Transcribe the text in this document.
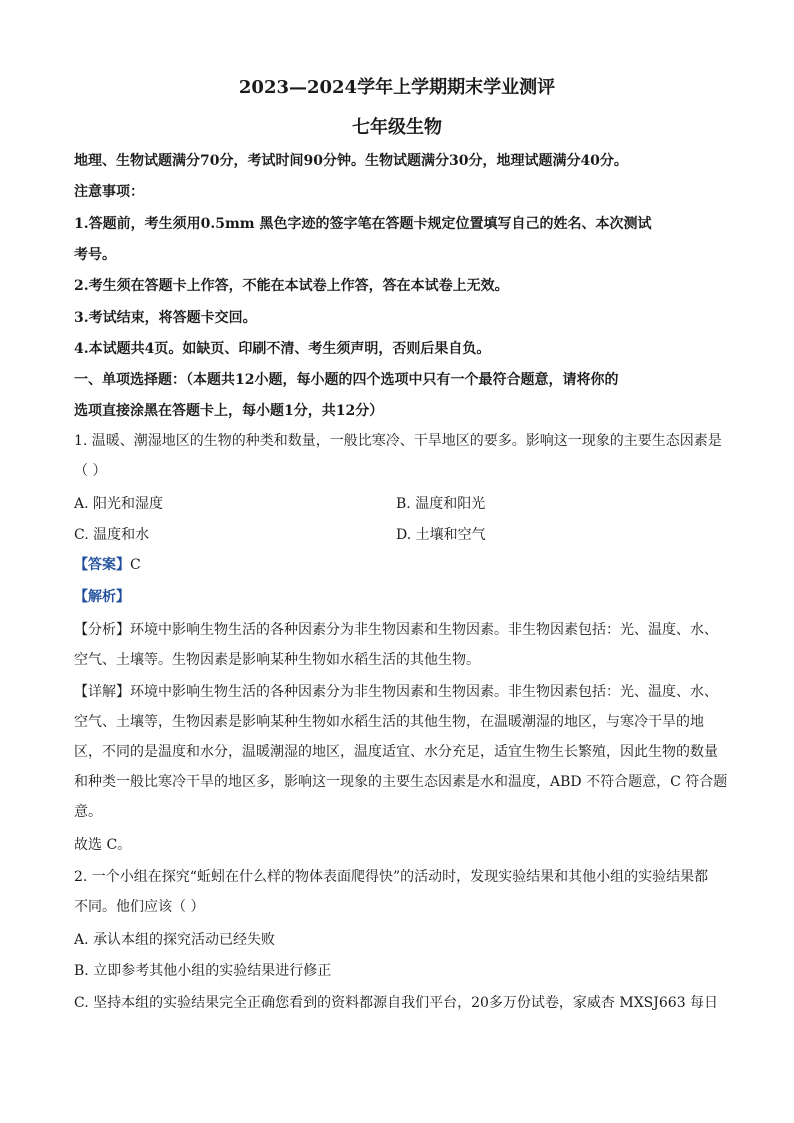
2023—2024学年上学期期末学业测评
七年级生物
地理、生物试题满分70分，考试时间90分钟。生物试题满分30分，地理试题满分40分。
注意事项：
1.答题前，考生须用0.5mm 黑色字迹的签字笔在答题卡规定位置填写自己的姓名、本次测试
考号。
2.考生须在答题卡上作答，不能在本试卷上作答，答在本试卷上无效。
3.考试结束，将答题卡交回。
4.本试题共4页。如缺页、印刷不清、考生须声明，否则后果自负。
一、单项选择题：（本题共12小题，每小题的四个选项中只有一个最符合题意，请将你的
选项直接涂黑在答题卡上，每小题1分，共12分）
1. 温暖、潮湿地区的生物的种类和数量，一般比寒冷、干旱地区的要多。影响这一现象的主要生态因素是
（ ）
A. 阳光和湿度	B. 温度和阳光
C. 温度和水	D. 土壤和空气
【答案】C
【解析】
【分析】环境中影响生物生活的各种因素分为非生物因素和生物因素。非生物因素包括：光、温度、水、
空气、土壤等。生物因素是影响某种生物如水稻生活的其他生物。
【详解】环境中影响生物生活的各种因素分为非生物因素和生物因素。非生物因素包括：光、温度、水、
空气、土壤等，生物因素是影响某种生物如水稻生活的其他生物，在温暖潮湿的地区，与寒冷干旱的地
区，不同的是温度和水分，温暖潮湿的地区，温度适宜、水分充足，适宜生物生长繁殖，因此生物的数量
和种类一般比寒冷干旱的地区多，影响这一现象的主要生态因素是水和温度，ABD 不符合题意，C 符合题
意。
故选 C。
2. 一个小组在探究“蚯蚓在什么样的物体表面爬得快”的活动时，发现实验结果和其他小组的实验结果都
不同。他们应该（ ）
A. 承认本组的探究活动已经失败
B. 立即参考其他小组的实验结果进行修正
C. 坚持本组的实验结果完全正确您看到的资料都源自我们平台，20多万份试卷，家威杏 MXSJ663 每日
